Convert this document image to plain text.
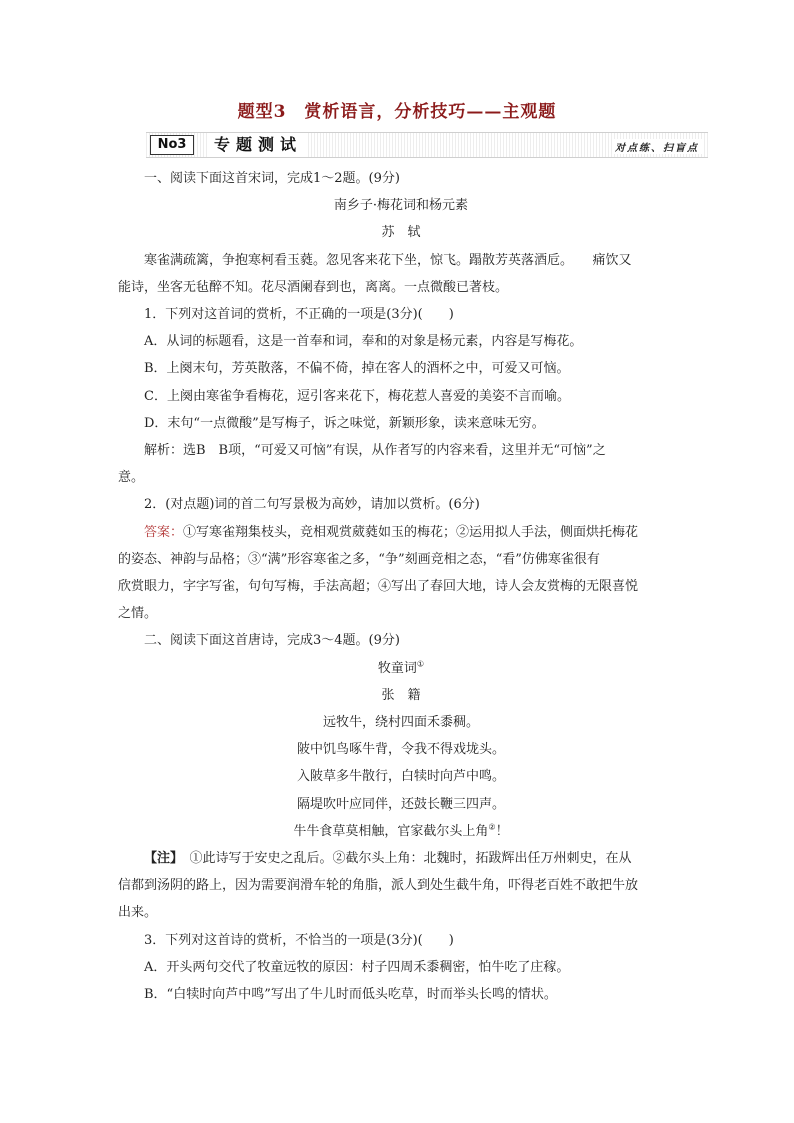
题型3　赏析语言，分析技巧——主观题
No3	专题测试	对点练、扫盲点

一、阅读下面这首宋词，完成1～2题。(9分)

南乡子·梅花词和杨元素

苏　轼

寒雀满疏篱，争抱寒柯看玉蕤。忽见客来花下坐，惊飞。蹋散芳英落酒卮。　　痛饮又

能诗，坐客无毡醉不知。花尽酒阑春到也，离离。一点微酸已著枝。

1．下列对这首词的赏析，不正确的一项是(3分)(　　)

A．从词的标题看，这是一首奉和词，奉和的对象是杨元素，内容是写梅花。

B．上阕末句，芳英散落，不偏不倚，掉在客人的酒杯之中，可爱又可恼。

C．上阕由寒雀争看梅花，逗引客来花下，梅花惹人喜爱的美姿不言而喻。

D．末句“一点微酸”是写梅子，诉之味觉，新颖形象，读来意味无穷。

解析：选B　B项，“可爱又可恼”有误，从作者写的内容来看，这里并无“可恼”之

意。

2．(对点题)词的首二句写景极为高妙，请加以赏析。(6分)

答案：①写寒雀翔集枝头，竞相观赏葳蕤如玉的梅花；②运用拟人手法，侧面烘托梅花

的姿态、神韵与品格；③“满”形容寒雀之多，“争”刻画竞相之态，“看”仿佛寒雀很有

欣赏眼力，字字写雀，句句写梅，手法高超；④写出了春回大地，诗人会友赏梅的无限喜悦

之情。

二、阅读下面这首唐诗，完成3～4题。(9分)

牧童词①

张　籍

远牧牛，绕村四面禾黍稠。

陂中饥鸟啄牛背，令我不得戏垅头。

入陂草多牛散行，白犊时向芦中鸣。

隔堤吹叶应同伴，还鼓长鞭三四声。

牛牛食草莫相触，官家截尔头上角②！

【注】　①此诗写于安史之乱后。②截尔头上角：北魏时，拓跋辉出任万州刺史，在从

信都到汤阴的路上，因为需要润滑车轮的角脂，派人到处生截牛角，吓得老百姓不敢把牛放

出来。

3．下列对这首诗的赏析，不恰当的一项是(3分)(　　)

A．开头两句交代了牧童远牧的原因：村子四周禾黍稠密，怕牛吃了庄稼。

B．“白犊时向芦中鸣”写出了牛儿时而低头吃草，时而举头长鸣的情状。
